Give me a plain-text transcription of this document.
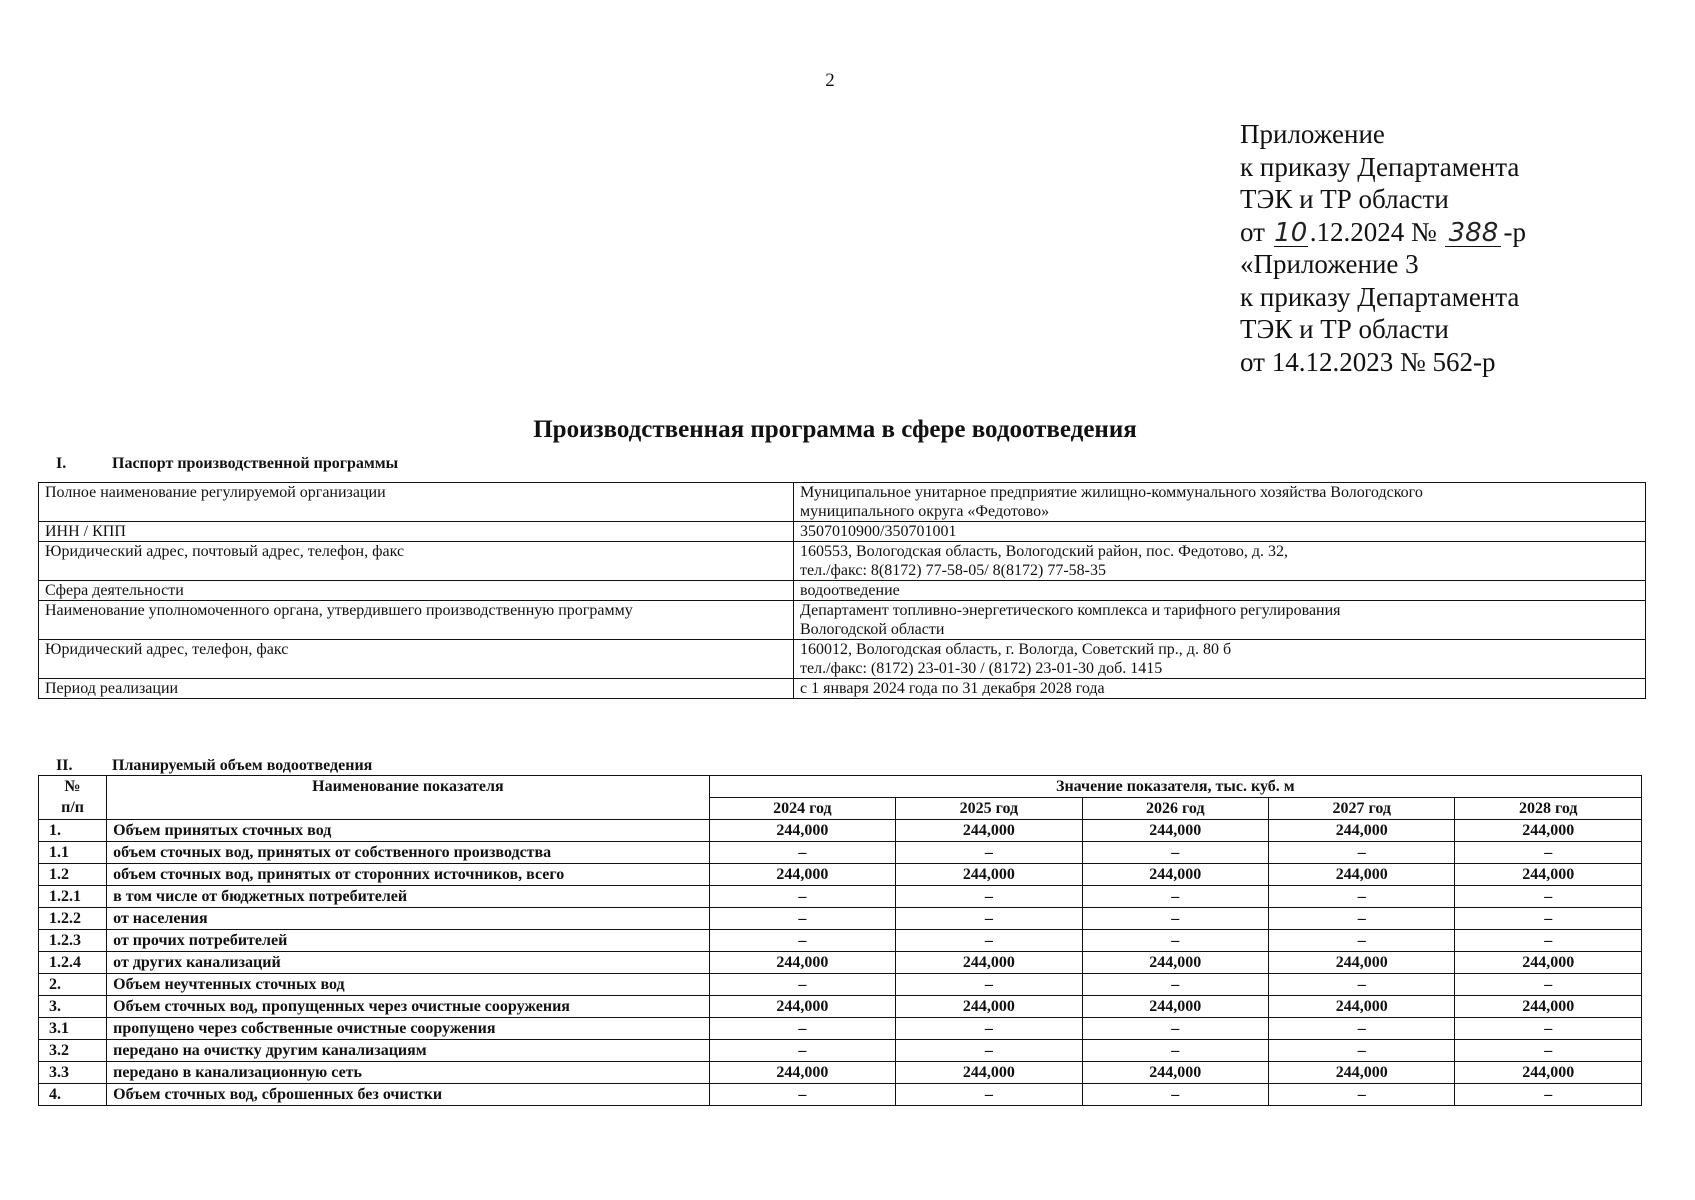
2
Приложение
к приказу Департамента
ТЭК и ТР области
от 10.12.2024 № 388 -р
«Приложение 3
к приказу Департамента
ТЭК и ТР области
от 14.12.2023 № 562-р
Производственная программа в сфере водоотведения
I.	Паспорт производственной программы
Полное наименование регулируемой организации	Муниципальное унитарное предприятие жилищно-коммунального хозяйства Вологодского
муниципального округа «Федотово»

ИНН / КПП	3507010900/350701001

Юридический адрес, почтовый адрес, телефон, факс	160553, Вологодская область, Вологодский район, пос. Федотово, д. 32,
тел./факс: 8(8172) 77-58-05/ 8(8172) 77-58-35

Сфера деятельности	водоотведение

Наименование уполномоченного органа, утвердившего производственную программу	Департамент топливно-энергетического комплекса и тарифного регулирования
Вологодской области

Юридический адрес, телефон, факс	160012, Вологодская область, г. Вологда, Советский пр., д. 80 б
тел./факс: (8172) 23-01-30 / (8172) 23-01-30 доб. 1415

Период реализации	с 1 января 2024 года по 31 декабря 2028 года
II. Планируемый объем водоотведения
№
п/п	Наименование показателя	Значение показателя, тыс. куб. м				
		2024 год	2025 год	2026 год	2027 год	2028 год
1.	Объем принятых сточных вод	244,000	244,000	244,000	244,000	244,000
1.1	объем сточных вод, принятых от собственного производства	–	–	–	–	–
1.2	объем сточных вод, принятых от сторонних источников, всего	244,000	244,000	244,000	244,000	244,000
1.2.1	в том числе от бюджетных потребителей	–	–	–	–	–
1.2.2	от населения	–	–	–	–	–
1.2.3	от прочих потребителей	–	–	–	–	–
1.2.4	от других канализаций	244,000	244,000	244,000	244,000	244,000
2.	Объем неучтенных сточных вод	–	–	–	–	–
3.	Объем сточных вод, пропущенных через очистные сооружения	244,000	244,000	244,000	244,000	244,000
3.1	пропущено через собственные очистные сооружения	–	–	–	–	–
3.2	передано на очистку другим канализациям	–	–	–	–	–
3.3	передано в канализационную сеть	244,000	244,000	244,000	244,000	244,000
4.	Объем сточных вод, сброшенных без очистки	–	–	–	–	–
